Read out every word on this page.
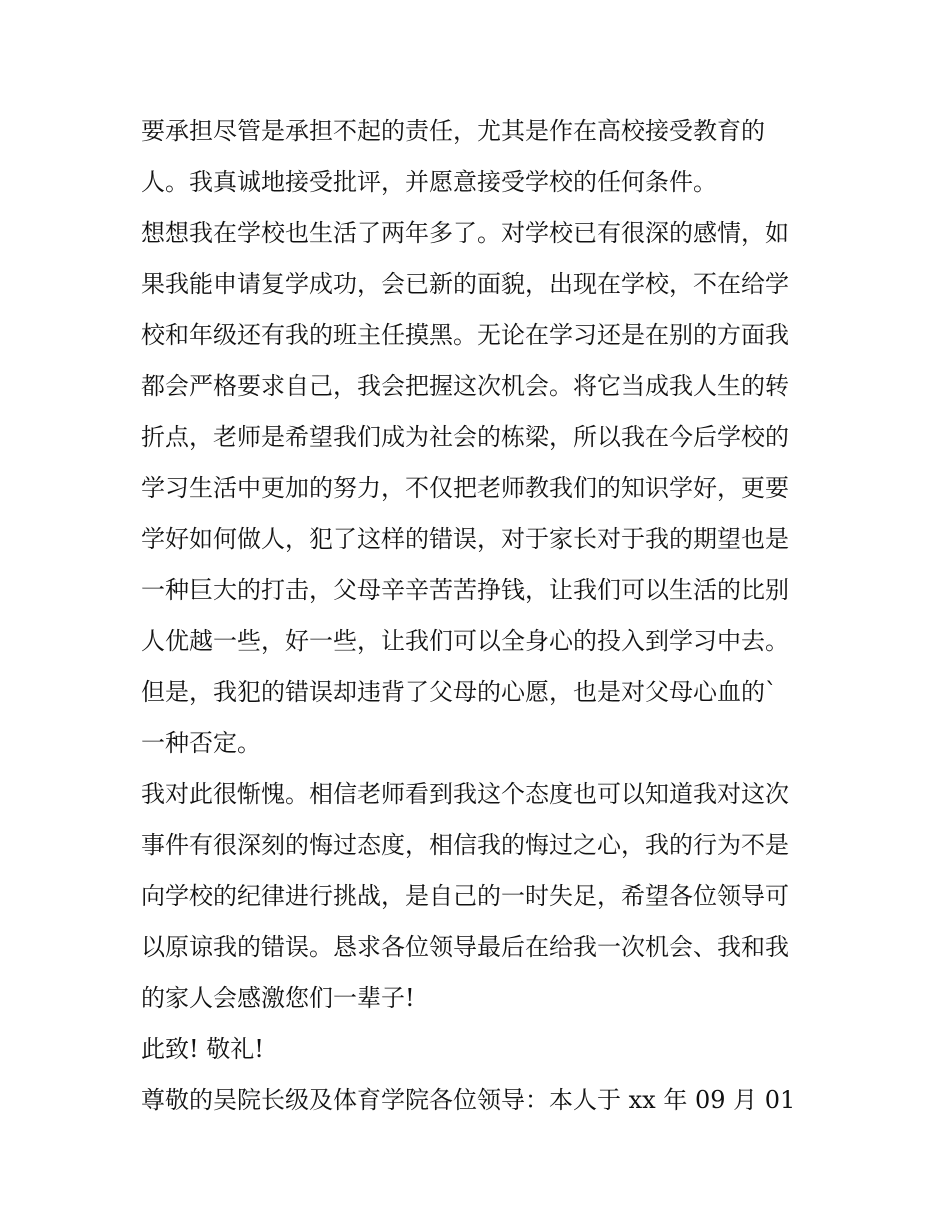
要承担尽管是承担不起的责任，尤其是作在高校接受教育的
人。我真诚地接受批评，并愿意接受学校的任何条件。
想想我在学校也生活了两年多了。对学校已有很深的感情，如
果我能申请复学成功，会已新的面貌，出现在学校，不在给学
校和年级还有我的班主任摸黑。无论在学习还是在别的方面我
都会严格要求自己，我会把握这次机会。将它当成我人生的转
折点，老师是希望我们成为社会的栋梁，所以我在今后学校的
学习生活中更加的努力，不仅把老师教我们的知识学好，更要
学好如何做人，犯了这样的错误，对于家长对于我的期望也是
一种巨大的打击，父母辛辛苦苦挣钱，让我们可以生活的比别
人优越一些，好一些，让我们可以全身心的投入到学习中去。
但是，我犯的错误却违背了父母的心愿，也是对父母心血的`
一种否定。
我对此很惭愧。相信老师看到我这个态度也可以知道我对这次
事件有很深刻的悔过态度，相信我的悔过之心，我的行为不是
向学校的纪律进行挑战，是自己的一时失足，希望各位领导可
以原谅我的错误。恳求各位领导最后在给我一次机会、我和我
的家人会感激您们一辈子!
此致! 敬礼!
尊敬的吴院长级及体育学院各位领导：本人于 xx 年 09 月 01
